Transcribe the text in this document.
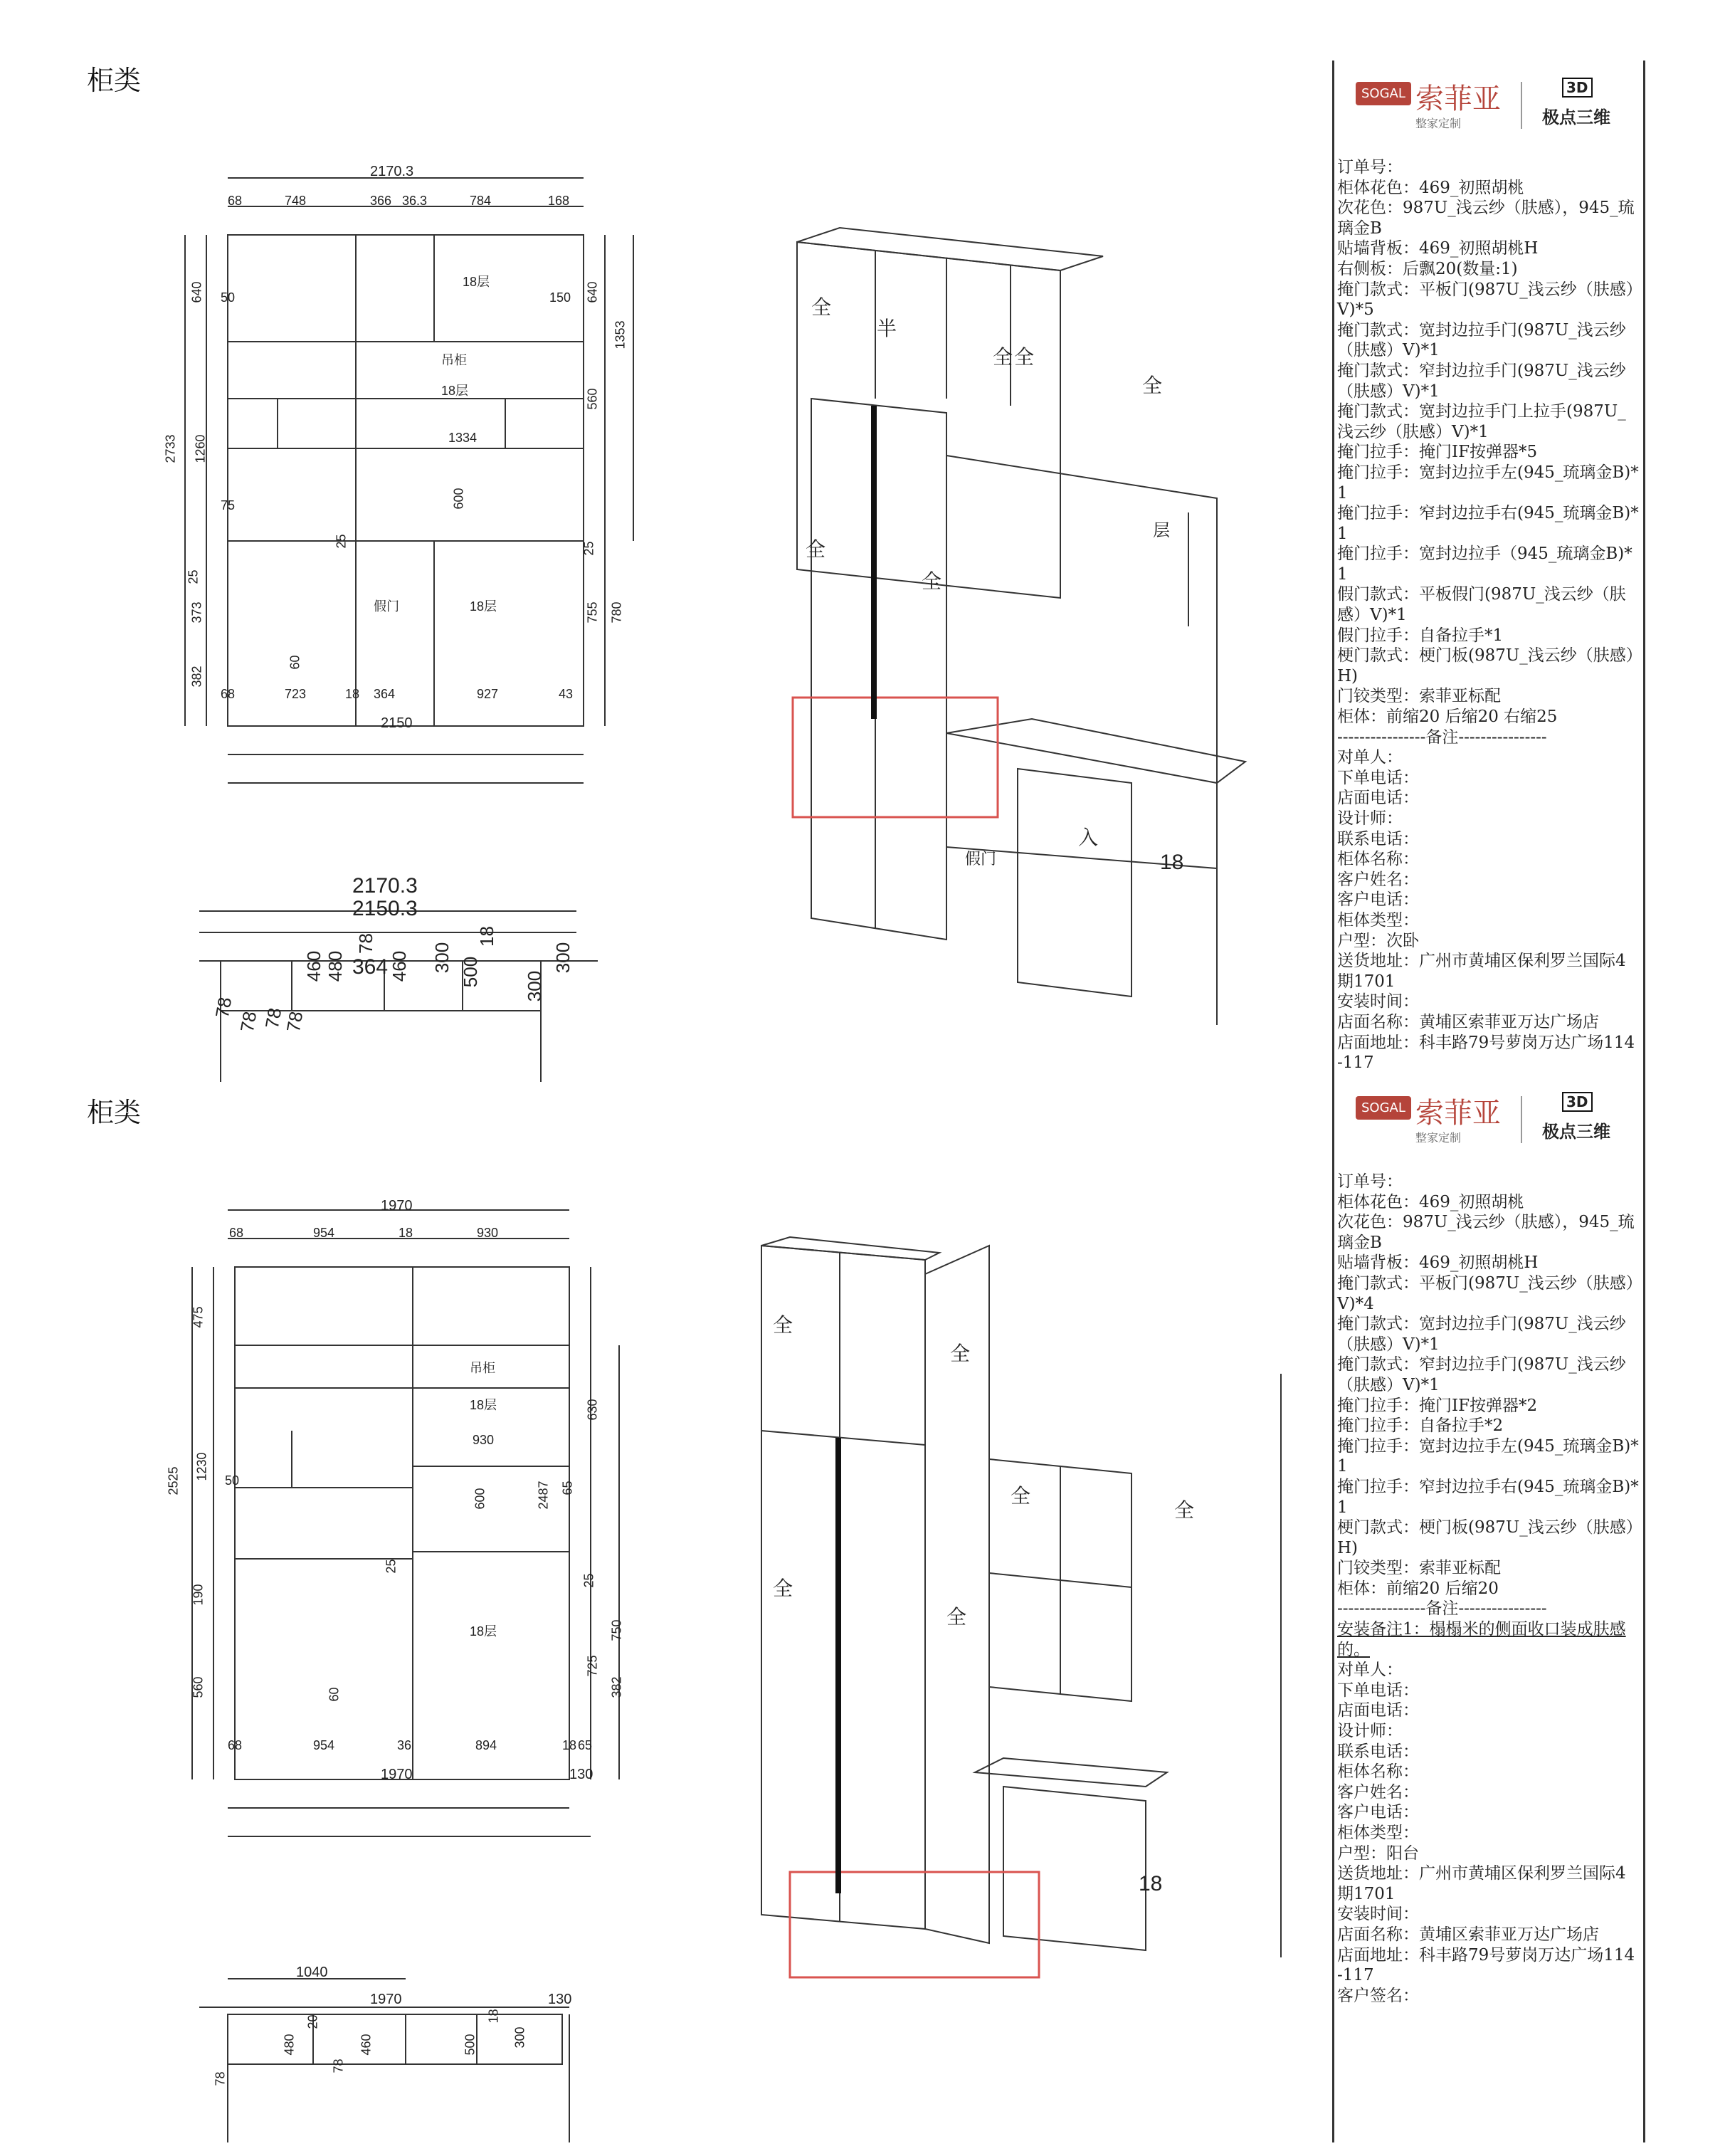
柜类
2170.3
68	748	366 36.3	784	168
2733
640
1260
25
373
382
640
1353
560
25
755 780
18层
吊柜
18层
1334
600
假门	18层
150
50
75
25
60
68	723	18 364	927	43
2150
2170.3
2150.3
460 480 364 460
78	300 500
18
300
300
78
78 78
78
全
半
全 全
全
全
全
层
假门
入
18
SOGAL 索菲亚
整家定制
3D
极点三维
订单号：
柜体花色：469_初照胡桃
次花色：987U_浅云纱（肤感），945_琉璃金B
贴墙背板：469_初照胡桃H
右侧板：后飘20(数量:1)
掩门款式：平板门(987U_浅云纱（肤感）V)*5
掩门款式：宽封边拉手门(987U_浅云纱（肤感）V)*1
掩门款式：窄封边拉手门(987U_浅云纱（肤感）V)*1
掩门款式：宽封边拉手门上拉手(987U_浅云纱（肤感）V)*1
掩门拉手：掩门IF按弹器*5
掩门拉手：宽封边拉手左(945_琉璃金B)*1
掩门拉手：窄封边拉手右(945_琉璃金B)*1
掩门拉手：宽封边拉手（945_琉璃金B)*1
假门款式：平板假门(987U_浅云纱（肤感）V)*1
假门拉手：自备拉手*1
梗门款式：梗门板(987U_浅云纱（肤感）H)
门铰类型：索菲亚标配
柜体：前缩20 后缩20 右缩25
----------------备注----------------
对单人：
下单电话：
店面电话：
设计师：
联系电话：
柜体名称：
客户姓名：
客户电话：
柜体类型：
户型：次卧
送货地址：广州市黄埔区保利罗兰国际4期1701
安装时间：
店面名称：黄埔区索菲亚万达广场店
店面地址：科丰路79号萝岗万达广场114-117
柜类
1970
68	954	18	930
2525
475
1230
190
560
630
2487 65
25
725
382
750
吊柜
18层
930
600
18层
50
25
60
68	954	36	894	18 65
1970	130
1040
1970	130
480
20
460
78
500
18
300
78
全
全
全
全
全
全
18
SOGAL 索菲亚
整家定制
3D
极点三维
订单号：
柜体花色：469_初照胡桃
次花色：987U_浅云纱（肤感），945_琉璃金B
贴墙背板：469_初照胡桃H
掩门款式：平板门(987U_浅云纱（肤感）V)*4
掩门款式：宽封边拉手门(987U_浅云纱（肤感）V)*1
掩门款式：窄封边拉手门(987U_浅云纱（肤感）V)*1
掩门拉手：掩门IF按弹器*2
掩门拉手：自备拉手*2
掩门拉手：宽封边拉手左(945_琉璃金B)*1
掩门拉手：窄封边拉手右(945_琉璃金B)*1
梗门款式：梗门板(987U_浅云纱（肤感）H)
门铰类型：索菲亚标配
柜体：前缩20 后缩20
----------------备注----------------
安装备注1：榻榻米的侧面收口装成肤感的。
对单人：
下单电话：
店面电话：
设计师：
联系电话：
柜体名称：
客户姓名：
客户电话：
柜体类型：
户型：阳台
送货地址：广州市黄埔区保利罗兰国际4期1701
安装时间：
店面名称：黄埔区索菲亚万达广场店
店面地址：科丰路79号萝岗万达广场114-117
客户签名：
